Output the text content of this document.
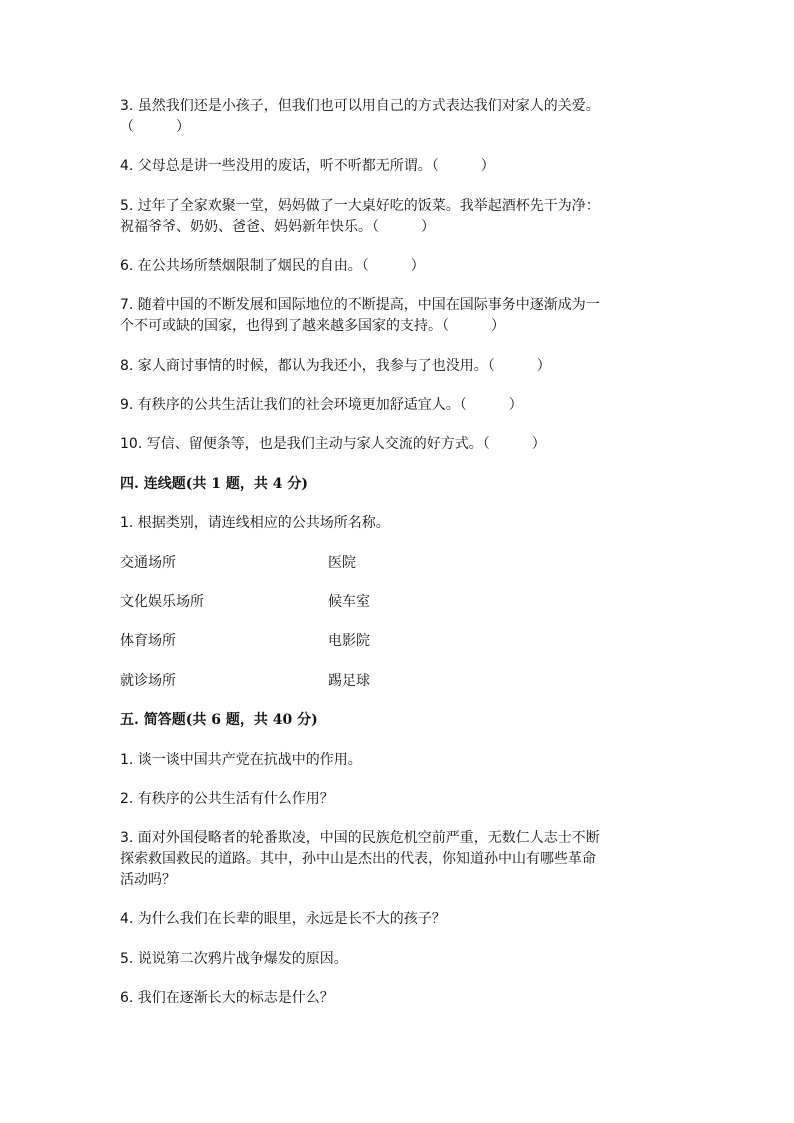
3. 虽然我们还是小孩子，但我们也可以用自己的方式表达我们对家人的关爱。

（　　　）

4. 父母总是讲一些没用的废话，听不听都无所谓。（　　　）

5. 过年了全家欢聚一堂，妈妈做了一大桌好吃的饭菜。我举起酒杯先干为净：

祝福爷爷、奶奶、爸爸、妈妈新年快乐。（　　　）

6. 在公共场所禁烟限制了烟民的自由。（　　　）

7. 随着中国的不断发展和国际地位的不断提高，中国在国际事务中逐渐成为一

个不可或缺的国家，也得到了越来越多国家的支持。（　　　）

8. 家人商讨事情的时候，都认为我还小，我参与了也没用。（　　　）

9. 有秩序的公共生活让我们的社会环境更加舒适宜人。（　　　）

10. 写信、留便条等，也是我们主动与家人交流的好方式。（　　　）

四. 连线题(共 1 题，共 4 分)

1. 根据类别，请连线相应的公共场所名称。

交通场所	医院

文化娱乐场所	候车室

体育场所	电影院

就诊场所	踢足球

五. 简答题(共 6 题，共 40 分)

1. 谈一谈中国共产党在抗战中的作用。

2. 有秩序的公共生活有什么作用？

3. 面对外国侵略者的轮番欺凌，中国的民族危机空前严重，无数仁人志士不断

探索救国救民的道路。其中，孙中山是杰出的代表，你知道孙中山有哪些革命

活动吗？

4. 为什么我们在长辈的眼里，永远是长不大的孩子？

5. 说说第二次鸦片战争爆发的原因。

6. 我们在逐渐长大的标志是什么？
